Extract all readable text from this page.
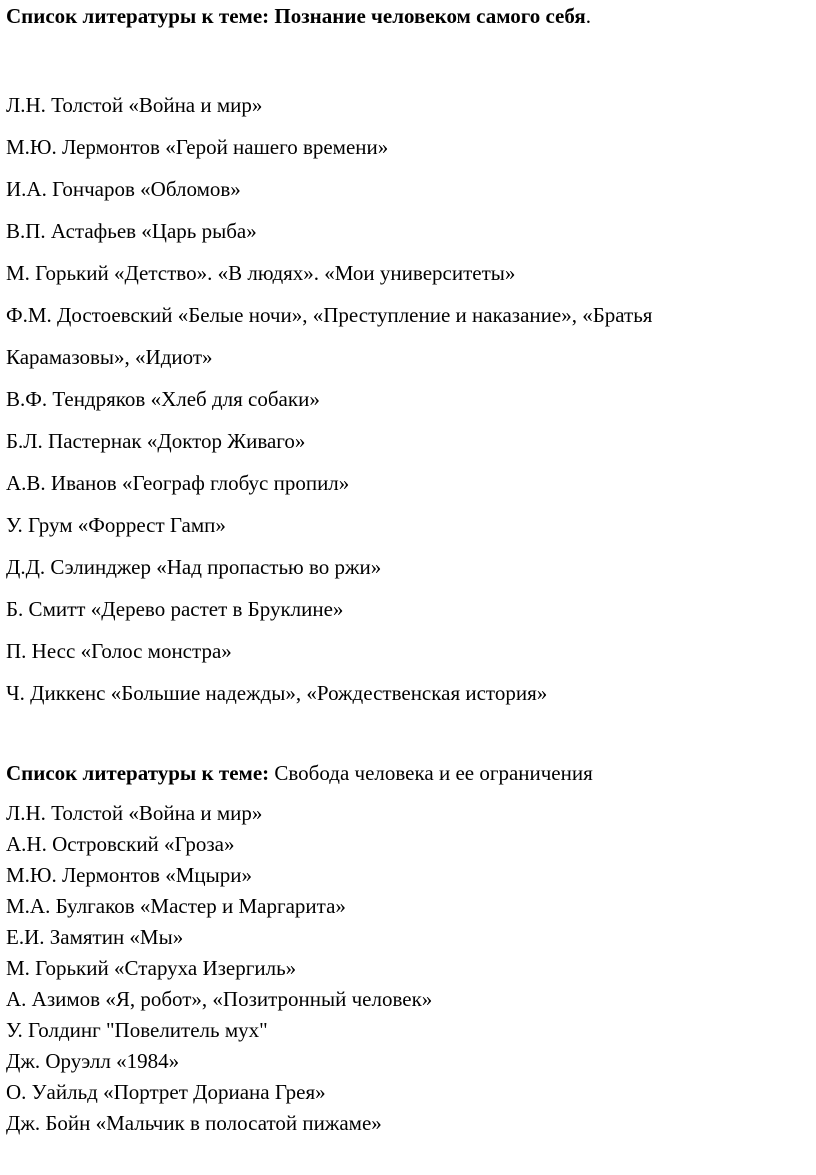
Список литературы к теме: Познание человеком самого себя.
Л.Н. Толстой «Война и мир»
М.Ю. Лермонтов «Герой нашего времени»
И.А. Гончаров «Обломов»
В.П. Астафьев «Царь рыба»
М. Горький «Детство». «В людях». «Мои университеты»
Ф.М. Достоевский «Белые ночи», «Преступление и наказание», «Братья
Карамазовы», «Идиот»
В.Ф. Тендряков «Хлеб для собаки»
Б.Л. Пастернак «Доктор Живаго»
А.В. Иванов «Географ глобус пропил»
У. Грум «Форрест Гамп»
Д.Д. Сэлинджер «Над пропастью во ржи»
Б. Смитт «Дерево растет в Бруклине»
П. Несс «Голос монстра»
Ч. Диккенс «Большие надежды», «Рождественская история»
Список литературы к теме: Свобода человека и ее ограничения
Л.Н. Толстой «Война и мир»
А.Н. Островский «Гроза»
М.Ю. Лермонтов «Мцыри»
М.А. Булгаков «Мастер и Маргарита»
Е.И. Замятин «Мы»
М. Горький «Старуха Изергиль»
А. Азимов «Я, робот», «Позитронный человек»
У. Голдинг "Повелитель мух"
Дж. Оруэлл «1984»
О. Уайльд «Портрет Дориана Грея»
Дж. Бойн «Мальчик в полосатой пижаме»
